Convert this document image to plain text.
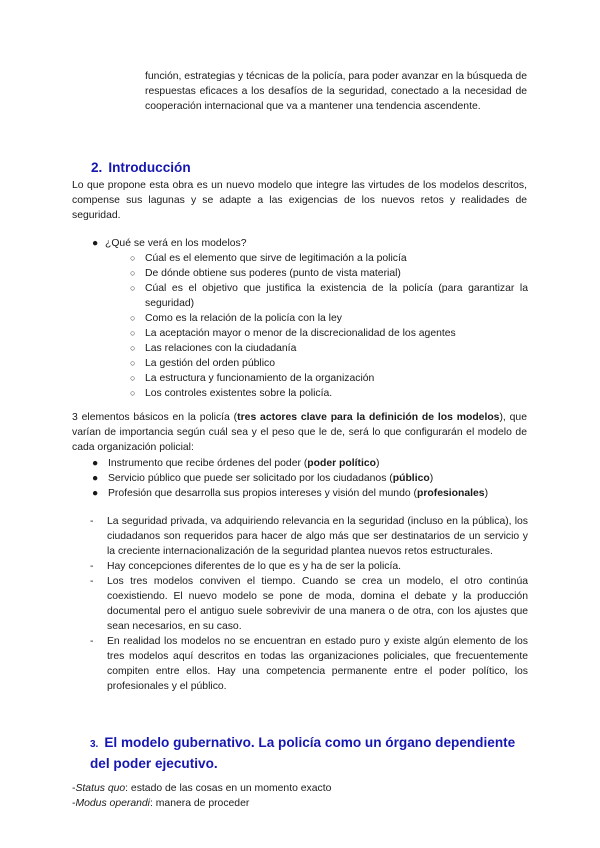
función, estrategias y técnicas de la policía, para poder avanzar en la búsqueda de respuestas eficaces a los desafíos de la seguridad, conectado a la necesidad de cooperación internacional que va a mantener una tendencia ascendente.

2. Introducción

Lo que propone esta obra es un nuevo modelo que integre las virtudes de los modelos descritos, compense sus lagunas y se adapte a las exigencias de los nuevos retos y realidades de seguridad.

● ¿Qué se verá en los modelos?
○ Cúal es el elemento que sirve de legitimación a la policía
○ De dónde obtiene sus poderes (punto de vista material)
○ Cúal es el objetivo que justifica la existencia de la policía (para garantizar la seguridad)
○ Como es la relación de la policía con la ley
○ La aceptación mayor o menor de la discrecionalidad de los agentes
○ Las relaciones con la ciudadanía
○ La gestión del orden público
○ La estructura y funcionamiento de la organización
○ Los controles existentes sobre la policía.

3 elementos básicos en la policía (tres actores clave para la definición de los modelos), que varían de importancia según cuál sea y el peso que le de, será lo que configurarán el modelo de cada organización policial:

● Instrumento que recibe órdenes del poder (poder político)
● Servicio público que puede ser solicitado por los ciudadanos (público)
● Profesión que desarrolla sus propios intereses y visión del mundo (profesionales)
- La seguridad privada, va adquiriendo relevancia en la seguridad (incluso en la pública), los ciudadanos son requeridos para hacer de algo más que ser destinatarios de un servicio y la creciente internacionalización de la seguridad plantea nuevos retos estructurales.
- Hay concepciones diferentes de lo que es y ha de ser la policía.
- Los tres modelos conviven el tiempo. Cuando se crea un modelo, el otro continúa coexistiendo. El nuevo modelo se pone de moda, domina el debate y la producción documental pero el antiguo suele sobrevivir de una manera o de otra, con los ajustes que sean necesarios, en su caso.
- En realidad los modelos no se encuentran en estado puro y existe algún elemento de los tres modelos aquí descritos en todas las organizaciones policiales, que frecuentemente compiten entre ellos. Hay una competencia permanente entre el poder político, los profesionales y el público.
3. El modelo gubernativo. La policía como un órgano dependiente del poder ejecutivo.
-Status quo: estado de las cosas en un momento exacto
-Modus operandi: manera de proceder
